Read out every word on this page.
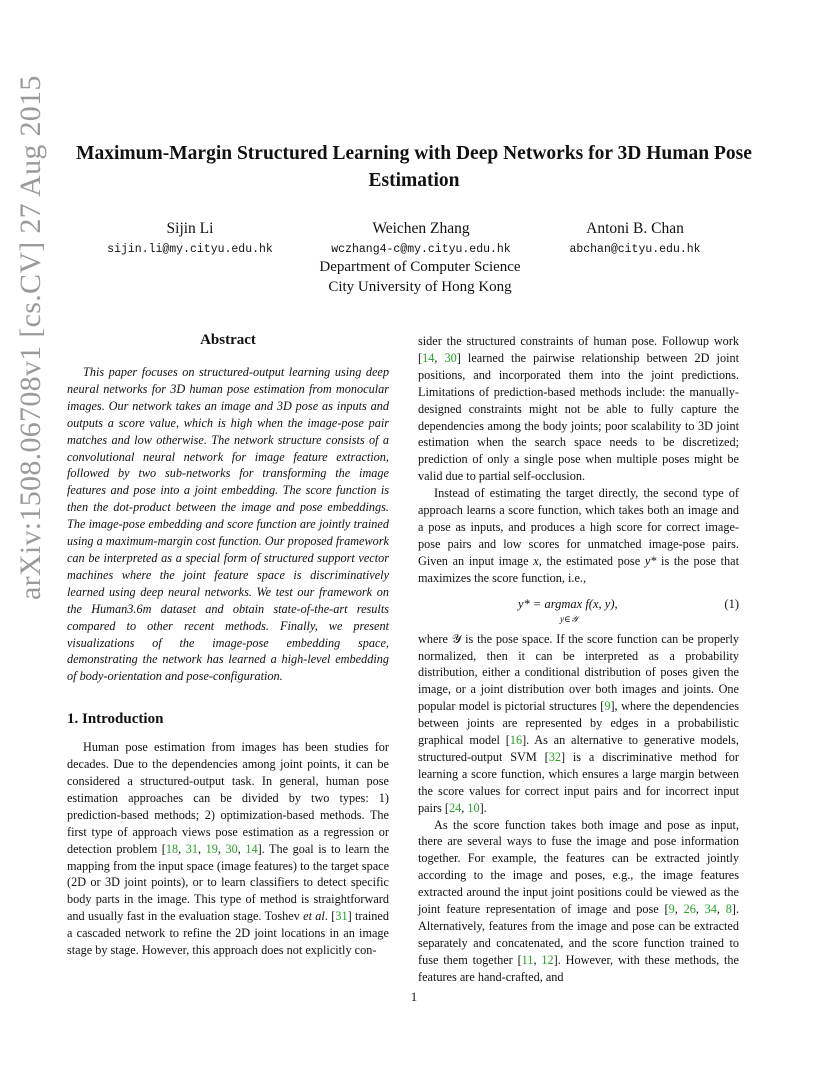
arXiv:1508.06708v1 [cs.CV] 27 Aug 2015	Maximum-Margin Structured Learning with Deep Networks for 3D Human Pose Estimation
Sijin Li
sijin.li@my.cityu.edu.hk
Weichen Zhang
wczhang4-c@my.cityu.edu.hk
Antoni B. Chan
abchan@cityu.edu.hk
Department of Computer Science
City University of Hong Kong
Abstract

This paper focuses on structured-output learning using deep neural networks for 3D human pose estimation from monocular images. Our network takes an image and 3D pose as inputs and outputs a score value, which is high when the image-pose pair matches and low otherwise. The network structure consists of a convolutional neural network for image feature extraction, followed by two sub-networks for transforming the image features and pose into a joint embedding. The score function is then the dot-product between the image and pose embeddings. The image-pose embedding and score function are jointly trained using a maximum-margin cost function. Our proposed framework can be interpreted as a special form of structured support vector machines where the joint feature space is discriminatively learned using deep neural networks. We test our framework on the Human3.6m dataset and obtain state-of-the-art results compared to other recent methods. Finally, we present visualizations of the image-pose embedding space, demonstrating the network has learned a high-level embedding of body-orientation and pose-configuration.

1. Introduction

Human pose estimation from images has been studies for decades. Due to the dependencies among joint points, it can be considered a structured-output task. In general, human pose estimation approaches can be divided by two types: 1) prediction-based methods; 2) optimization-based methods. The first type of approach views pose estimation as a regression or detection problem [18, 31, 19, 30, 14]. The goal is to learn the mapping from the input space (image features) to the target space (2D or 3D joint points), or to learn classifiers to detect specific body parts in the image. This type of method is straightforward and usually fast in the evaluation stage. Toshev et al. [31] trained a cascaded network to refine the 2D joint locations in an image stage by stage. However, this approach does not explicitly con-

sider the structured constraints of human pose. Followup work [14, 30] learned the pairwise relationship between 2D joint positions, and incorporated them into the joint predictions. Limitations of prediction-based methods include: the manually-designed constraints might not be able to fully capture the dependencies among the body joints; poor scalability to 3D joint estimation when the search space needs to be discretized; prediction of only a single pose when multiple poses might be valid due to partial self-occlusion.

Instead of estimating the target directly, the second type of approach learns a score function, which takes both an image and a pose as inputs, and produces a high score for correct image-pose pairs and low scores for unmatched image-pose pairs. Given an input image x, the estimated pose y* is the pose that maximizes the score function, i.e.,

y* = argmax f(x, y),
y∈𝒴
(1)

where 𝒴 is the pose space. If the score function can be properly normalized, then it can be interpreted as a probability distribution, either a conditional distribution of poses given the image, or a joint distribution over both images and joints. One popular model is pictorial structures [9], where the dependencies between joints are represented by edges in a probabilistic graphical model [16]. As an alternative to generative models, structured-output SVM [32] is a discriminative method for learning a score function, which ensures a large margin between the score values for correct input pairs and for incorrect input pairs [24, 10].

As the score function takes both image and pose as input, there are several ways to fuse the image and pose information together. For example, the features can be extracted jointly according to the image and poses, e.g., the image features extracted around the input joint positions could be viewed as the joint feature representation of image and pose [9, 26, 34, 8]. Alternatively, features from the image and pose can be extracted separately and concatenated, and the score function trained to fuse them together [11, 12]. However, with these methods, the features are hand-crafted, and

1
